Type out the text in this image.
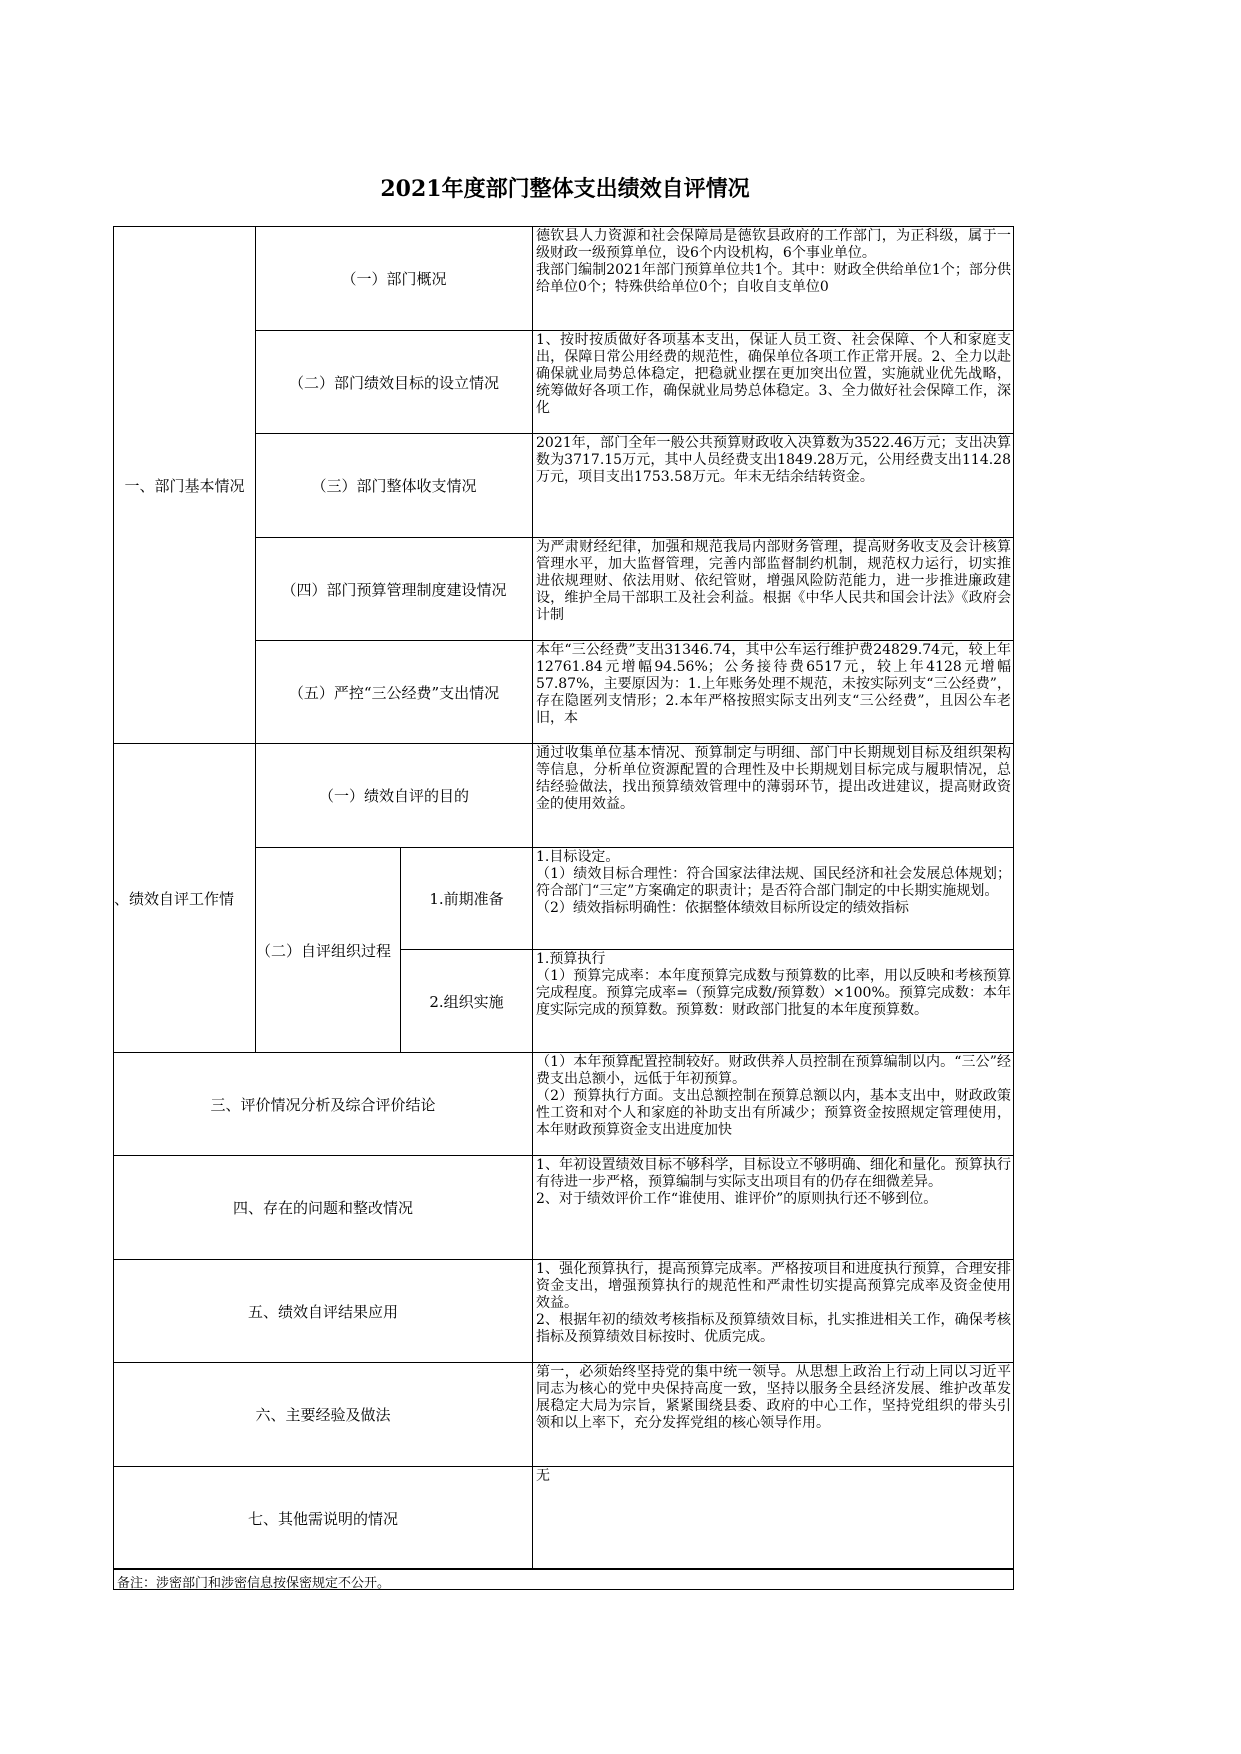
2021年度部门整体支出绩效自评情况
一、部门基本情况
（一）部门概况
德钦县人力资源和社会保障局是德钦县政府的工作部门，为正科级，属于一级财政一级预算单位，设6个内设机构，6个事业单位。
我部门编制2021年部门预算单位共1个。其中：财政全供给单位1个；部分供给单位0个；特殊供给单位0个；自收自支单位0
（二）部门绩效目标的设立情况
1、按时按质做好各项基本支出，保证人员工资、社会保障、个人和家庭支出，保障日常公用经费的规范性，确保单位各项工作正常开展。2、全力以赴确保就业局势总体稳定，把稳就业摆在更加突出位置，实施就业优先战略，统筹做好各项工作，确保就业局势总体稳定。3、全力做好社会保障工作，深化
（三）部门整体收支情况
2021年，部门全年一般公共预算财政收入决算数为3522.46万元；支出决算数为3717.15万元，其中人员经费支出1849.28万元，公用经费支出114.28万元，项目支出1753.58万元。年末无结余结转资金。
（四）部门预算管理制度建设情况
为严肃财经纪律，加强和规范我局内部财务管理，提高财务收支及会计核算管理水平，加大监督管理，完善内部监督制约机制，规范权力运行，切实推进依规理财、依法用财、依纪管财，增强风险防范能力，进一步推进廉政建设，维护全局干部职工及社会利益。根据《中华人民共和国会计法》《政府会计制
（五）严控“三公经费”支出情况
本年“三公经费”支出31346.74，其中公车运行维护费24829.74元，较上年12761.84元增幅94.56%；公务接待费6517元，较上年4128元增幅57.87%，主要原因为：1.上年账务处理不规范，未按实际列支“三公经费”，存在隐匿列支情形；2.本年严格按照实际支出列支“三公经费”，且因公车老旧，本
、绩效自评工作情
（一）绩效自评的目的
通过收集单位基本情况、预算制定与明细、部门中长期规划目标及组织架构等信息，分析单位资源配置的合理性及中长期规划目标完成与履职情况，总结经验做法，找出预算绩效管理中的薄弱环节，提出改进建议，提高财政资金的使用效益。
（二）自评组织过程
1.前期准备
1.目标设定。
（1）绩效目标合理性：符合国家法律法规、国民经济和社会发展总体规划；符合部门“三定”方案确定的职责计；是否符合部门制定的中长期实施规划。
（2）绩效指标明确性：依据整体绩效目标所设定的绩效指标
2.组织实施
1.预算执行
（1）预算完成率：本年度预算完成数与预算数的比率，用以反映和考核预算完成程度。预算完成率=（预算完成数/预算数）×100%。预算完成数：本年度实际完成的预算数。预算数：财政部门批复的本年度预算数。
三、评价情况分析及综合评价结论
（1）本年预算配置控制较好。财政供养人员控制在预算编制以内。“三公”经费支出总额小，远低于年初预算。
（2）预算执行方面。支出总额控制在预算总额以内，基本支出中，财政政策性工资和对个人和家庭的补助支出有所减少；预算资金按照规定管理使用，本年财政预算资金支出进度加快
四、存在的问题和整改情况
1、年初设置绩效目标不够科学，目标设立不够明确、细化和量化。预算执行有待进一步严格，预算编制与实际支出项目有的仍存在细微差异。
2、对于绩效评价工作“谁使用、谁评价”的原则执行还不够到位。
五、绩效自评结果应用
1、强化预算执行，提高预算完成率。严格按项目和进度执行预算，合理安排资金支出，增强预算执行的规范性和严肃性切实提高预算完成率及资金使用效益。
2、根据年初的绩效考核指标及预算绩效目标，扎实推进相关工作，确保考核指标及预算绩效目标按时、优质完成。
六、主要经验及做法
第一，必须始终坚持党的集中统一领导。从思想上政治上行动上同以习近平同志为核心的党中央保持高度一致，坚持以服务全县经济发展、维护改革发展稳定大局为宗旨，紧紧围绕县委、政府的中心工作，坚持党组织的带头引领和以上率下，充分发挥党组的核心领导作用。
七、其他需说明的情况
无
备注：涉密部门和涉密信息按保密规定不公开。
